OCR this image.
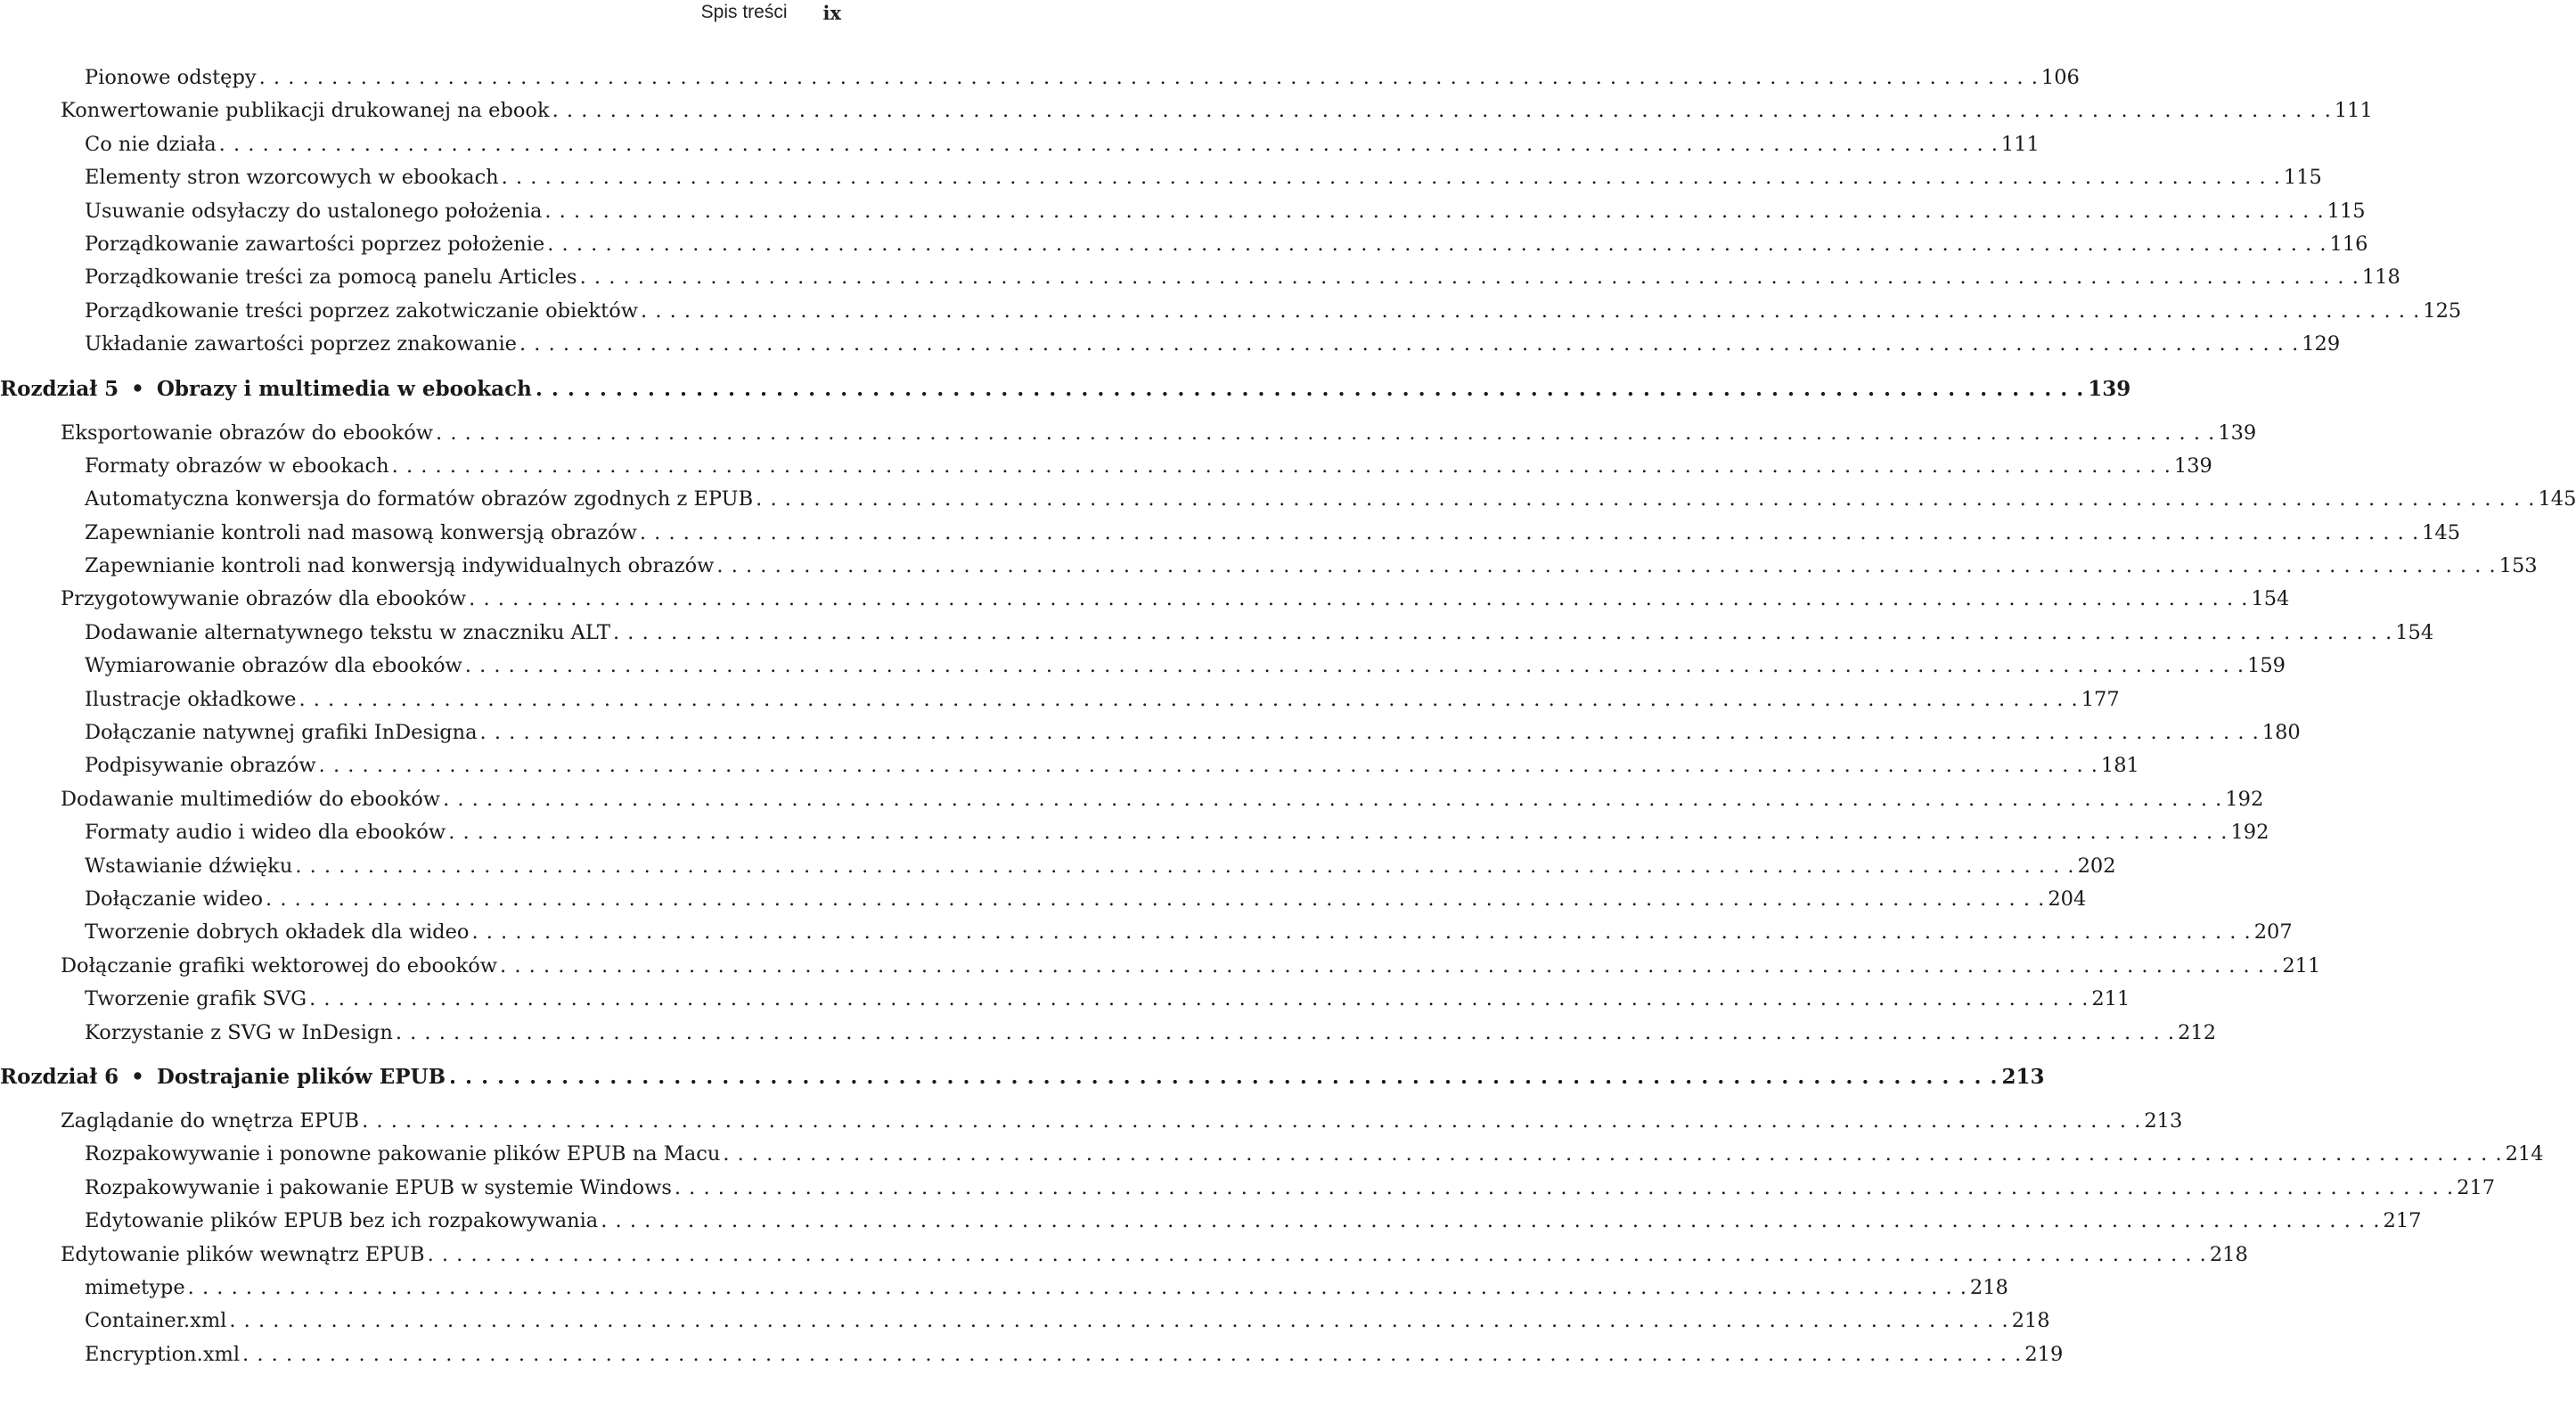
Spis treści ix
Pionowe odstępy . . .	106
Konwertowanie publikacji drukowanej na ebook . . .	111
Co nie działa . . .	111
Elementy stron wzorcowych w ebookach . . .	115
Usuwanie odsyłaczy do ustalonego położenia . . .	115
Porządkowanie zawartości poprzez położenie . . .	116
Porządkowanie treści za pomocą panelu Articles . . .	118
Porządkowanie treści poprzez zakotwiczanie obiektów . . .	125
Układanie zawartości poprzez znakowanie . . .	129
Rozdział 5 • Obrazy i multimedia w ebookach . . .	139
Eksportowanie obrazów do ebooków . . .	139
Formaty obrazów w ebookach . . .	139
Automatyczna konwersja do formatów obrazów zgodnych z EPUB . . .	145
Zapewnianie kontroli nad masową konwersją obrazów . . .	145
Zapewnianie kontroli nad konwersją indywidualnych obrazów . . .	153
Przygotowywanie obrazów dla ebooków . . .	154
Dodawanie alternatywnego tekstu w znaczniku ALT . . .	154
Wymiarowanie obrazów dla ebooków . . .	159
Ilustracje okładkowe . . .	177
Dołączanie natywnej grafiki InDesigna . . .	180
Podpisywanie obrazów . . .	181
Dodawanie multimediów do ebooków . . .	192
Formaty audio i wideo dla ebooków . . .	192
Wstawianie dźwięku . . .	202
Dołączanie wideo . . .	204
Tworzenie dobrych okładek dla wideo . . .	207
Dołączanie grafiki wektorowej do ebooków . . .	211
Tworzenie grafik SVG . . .	211
Korzystanie z SVG w InDesign . . .	212
Rozdział 6 • Dostrajanie plików EPUB . . .	213
Zaglądanie do wnętrza EPUB . . .	213
Rozpakowywanie i ponowne pakowanie plików EPUB na Macu . . .	214
Rozpakowywanie i pakowanie EPUB w systemie Windows . . .	217
Edytowanie plików EPUB bez ich rozpakowywania . . .	217
Edytowanie plików wewnątrz EPUB . . .	218
mimetype . . .	218
Container.xml . . .	218
Encryption.xml . . .	219
